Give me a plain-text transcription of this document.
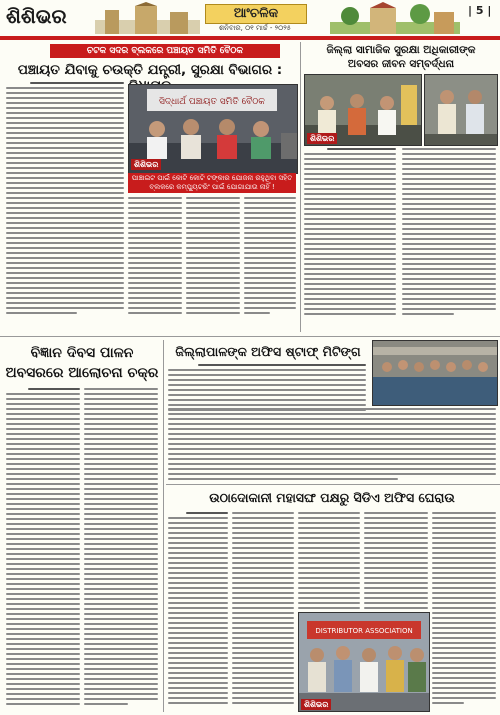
ଶିଶିଭର	ଆଂଚଳିକ
ଶନିବାର, ୦୧ ମାର୍ଚ୍ଚ - ୨୦୨୫
| 5 |
ଚଟକ ସଦର ବ୍ଲକରେ ପଞ୍ଚାୟତ ସମିତି ବୈଠକ
ପଞ୍ଚାୟତ ଯିବାକୁ ଚଉକ୍ତି ଯନ୍ତ୍ରୀ, ସୁରକ୍ଷା ବିଭାଗର :
ସିଦ୍ଧାର୍ଥ ପଞ୍ଚାୟତ ସମିତି ବୈଠକ
ଶିଶିଭର
ପାଞ୍ଚାଇଟ ପାଇଁ କୋଟି କୋଟି ଟଙ୍କାର ଯୋଜନା ରହୁଥିବା ସହିତ ବ୍ଲକରେ କମ୍ପ୍ୟୁଟରିଂ ପାଇଁ ଯୋଗାଯାଉ ନାହିଁ !
ଜିଲ୍ଲା ସାମାଜିକ ସୁରକ୍ଷା ଅଧିକାରୀଙ୍କ
ଅବସର ଜୀବନ ସମ୍ବର୍ଦ୍ଧନା
ଶିଶିଭର
ବିଜ୍ଞାନ ଦିବସ ପାଳନ
ଅବସରରେ ଆଲୋଚନା ଚକ୍ର
ଜିଲ୍ଲାପାଳଙ୍କ ଅଫିସ ଷ୍ଟାଫ୍ ମିଟିଙ୍ଗ
ଉଠାଦୋକାନୀ ମହାସଙ୍ଘ ପକ୍ଷରୁ ସିଡିଏ ଅଫିସ ଘେରାଉ
DISTRIBUTOR ASSOCIATION
ଶିଶିଭର
